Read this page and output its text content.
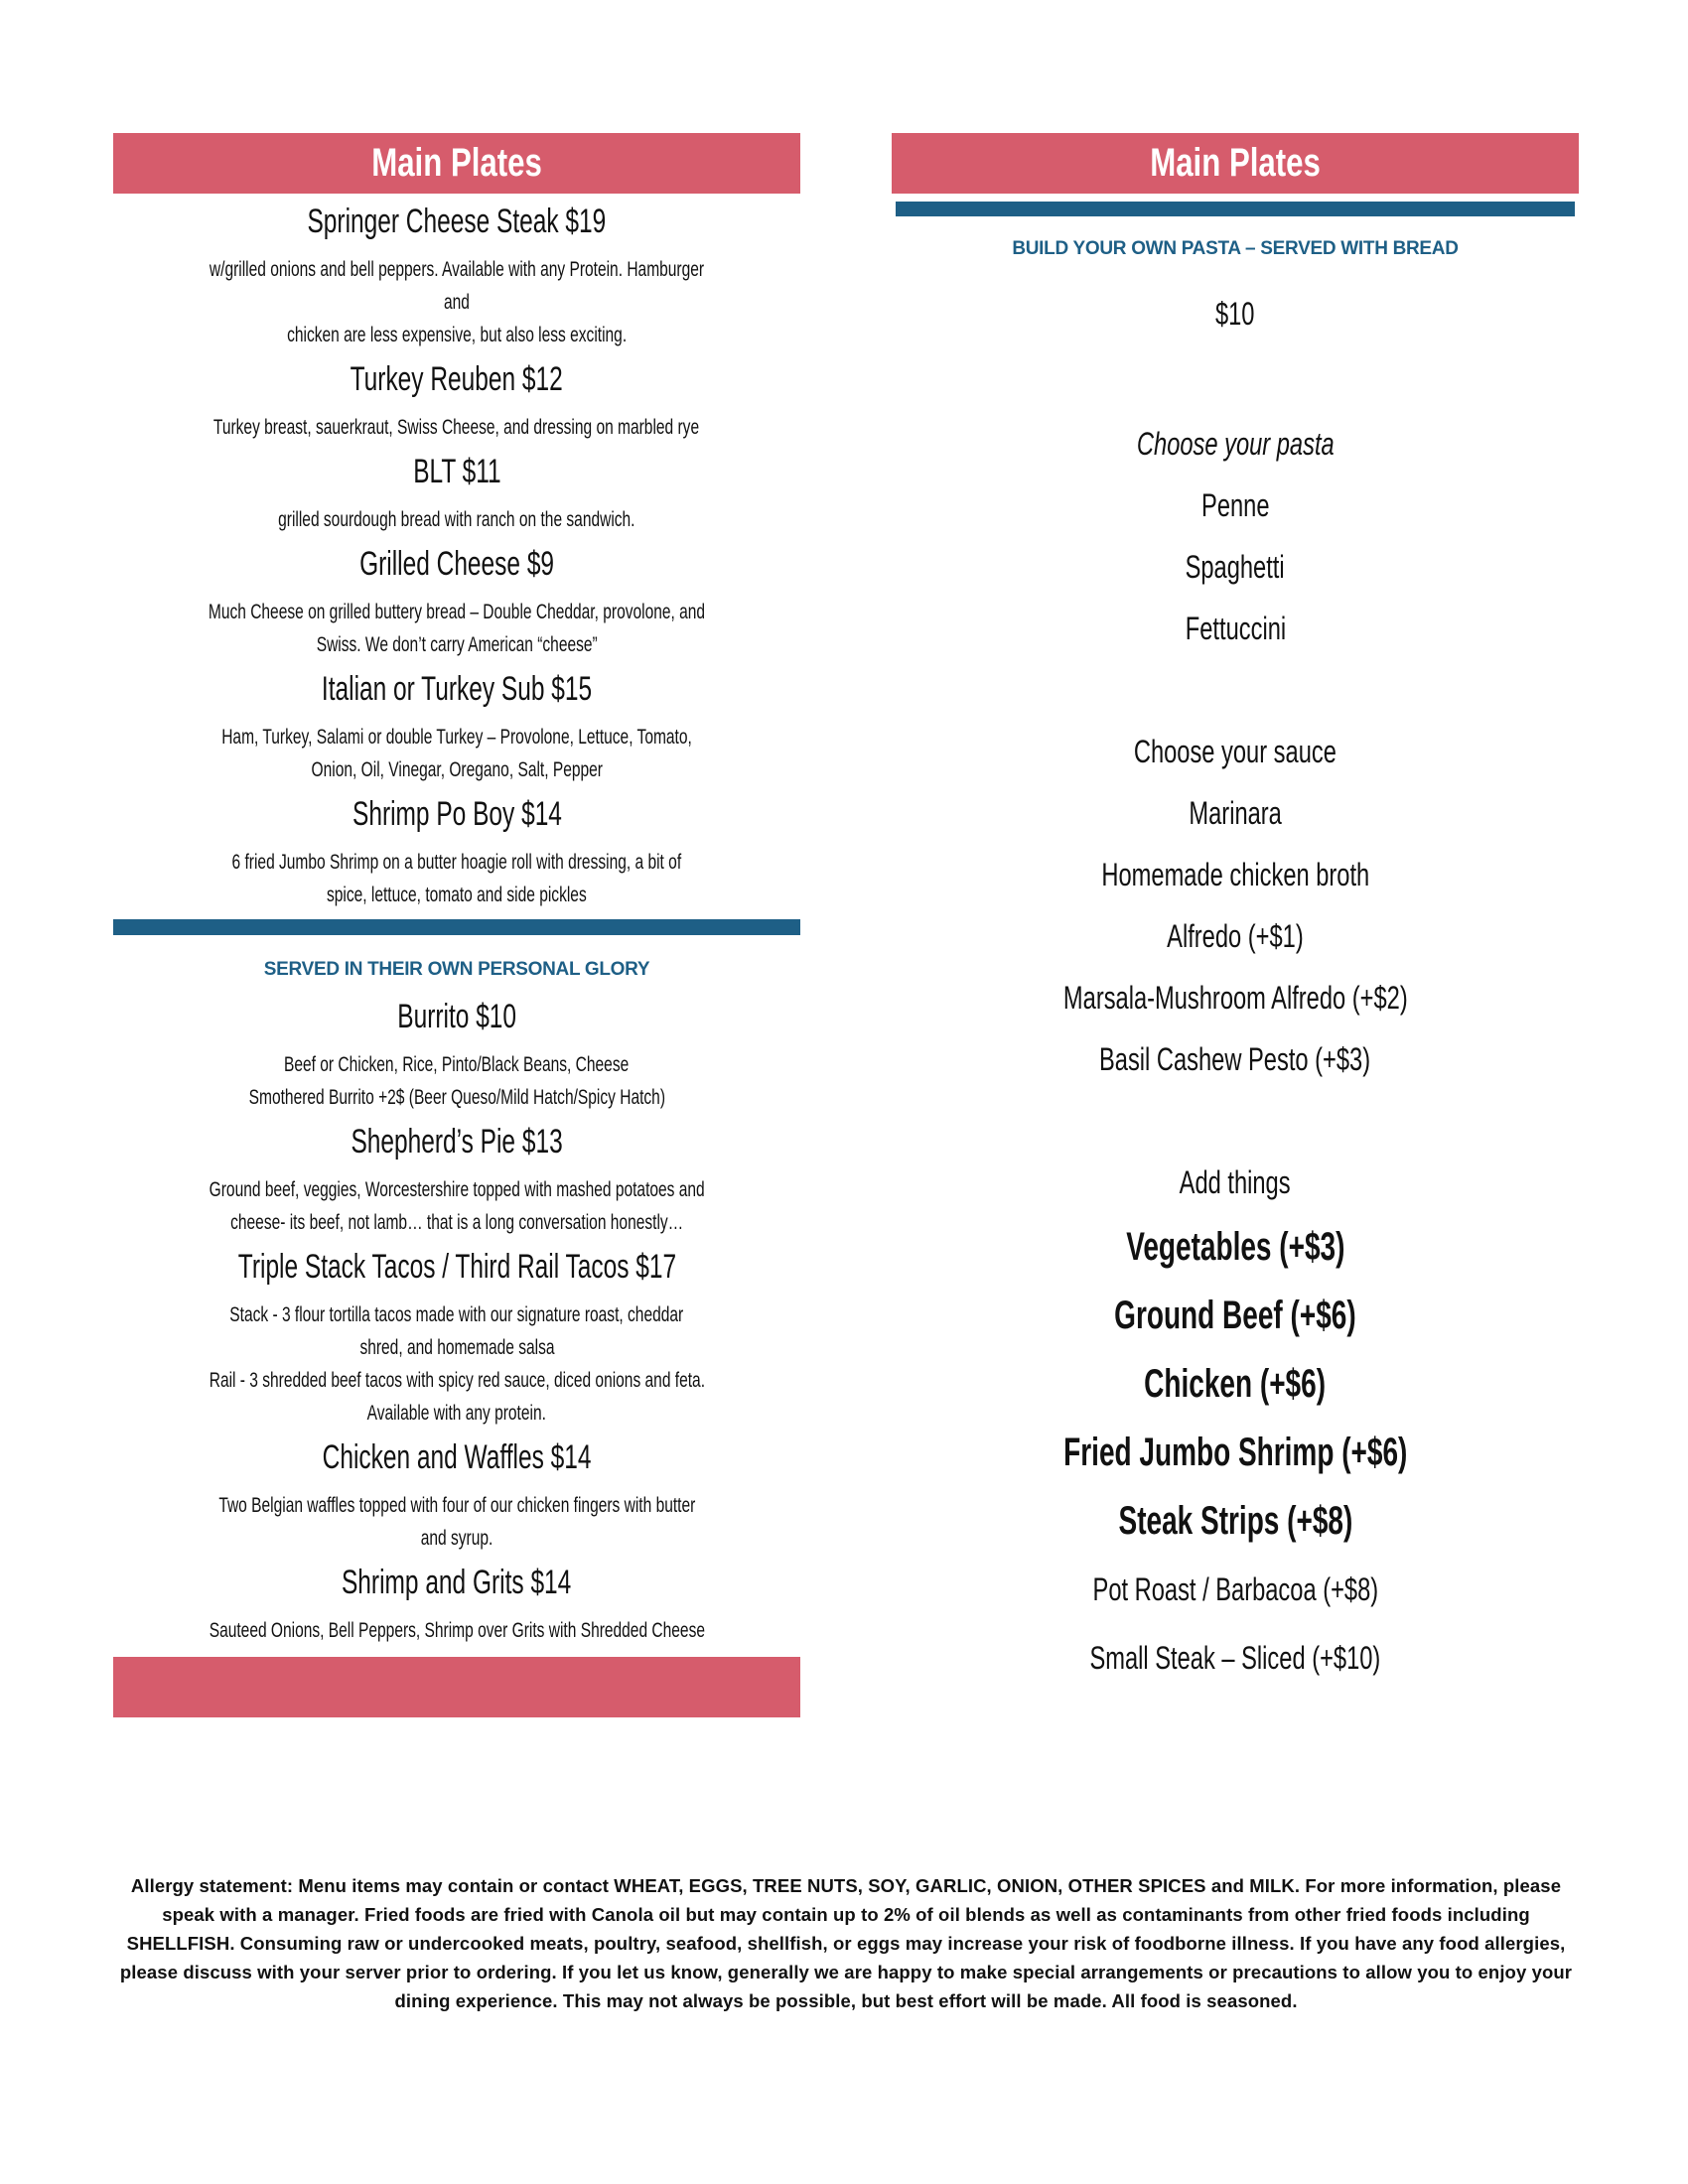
Main Plates
Springer Cheese Steak $19
w/grilled onions and bell peppers. Available with any Protein. Hamburger and
chicken are less expensive, but also less exciting.
Turkey Reuben $12
Turkey breast, sauerkraut, Swiss Cheese, and dressing on marbled rye
BLT $11
grilled sourdough bread with ranch on the sandwich.
Grilled Cheese $9
Much Cheese on grilled buttery bread – Double Cheddar, provolone, and
Swiss. We don’t carry American “cheese”
Italian or Turkey Sub $15
Ham, Turkey, Salami or double Turkey – Provolone, Lettuce, Tomato,
Onion, Oil, Vinegar, Oregano, Salt, Pepper
Shrimp Po Boy $14
6 fried Jumbo Shrimp on a butter hoagie roll with dressing, a bit of
spice, lettuce, tomato and side pickles
SERVED IN THEIR OWN PERSONAL GLORY
Burrito $10
Beef or Chicken, Rice, Pinto/Black Beans, Cheese
Smothered Burrito +2$ (Beer Queso/Mild Hatch/Spicy Hatch)
Shepherd’s Pie $13
Ground beef, veggies, Worcestershire topped with mashed potatoes and
cheese- its beef, not lamb… that is a long conversation honestly…
Triple Stack Tacos / Third Rail Tacos $17
Stack - 3 flour tortilla tacos made with our signature roast, cheddar
shred, and homemade salsa
Rail - 3 shredded beef tacos with spicy red sauce, diced onions and feta.
Available with any protein.
Chicken and Waffles $14
Two Belgian waffles topped with four of our chicken fingers with butter
and syrup.
Shrimp and Grits $14
Sauteed Onions, Bell Peppers, Shrimp over Grits with Shredded Cheese
Main Plates
BUILD YOUR OWN PASTA – SERVED WITH BREAD
$10
Choose your pasta
Penne
Spaghetti
Fettuccini
Choose your sauce
Marinara
Homemade chicken broth
Alfredo (+$1)
Marsala-Mushroom Alfredo (+$2)
Basil Cashew Pesto (+$3)
Add things
Vegetables (+$3)
Ground Beef (+$6)
Chicken (+$6)
Fried Jumbo Shrimp (+$6)
Steak Strips (+$8)
Pot Roast / Barbacoa (+$8)
Small Steak – Sliced (+$10)
Allergy statement: Menu items may contain or contact WHEAT, EGGS, TREE NUTS, SOY, GARLIC, ONION, OTHER SPICES and MILK. For more information, please speak with a manager. Fried foods are fried with Canola oil but may contain up to 2% of oil blends as well as contaminants from other fried foods including SHELLFISH. Consuming raw or undercooked meats, poultry, seafood, shellfish, or eggs may increase your risk of foodborne illness. If you have any food allergies, please discuss with your server prior to ordering. If you let us know, generally we are happy to make special arrangements or precautions to allow you to enjoy your dining experience. This may not always be possible, but best effort will be made. All food is seasoned.
